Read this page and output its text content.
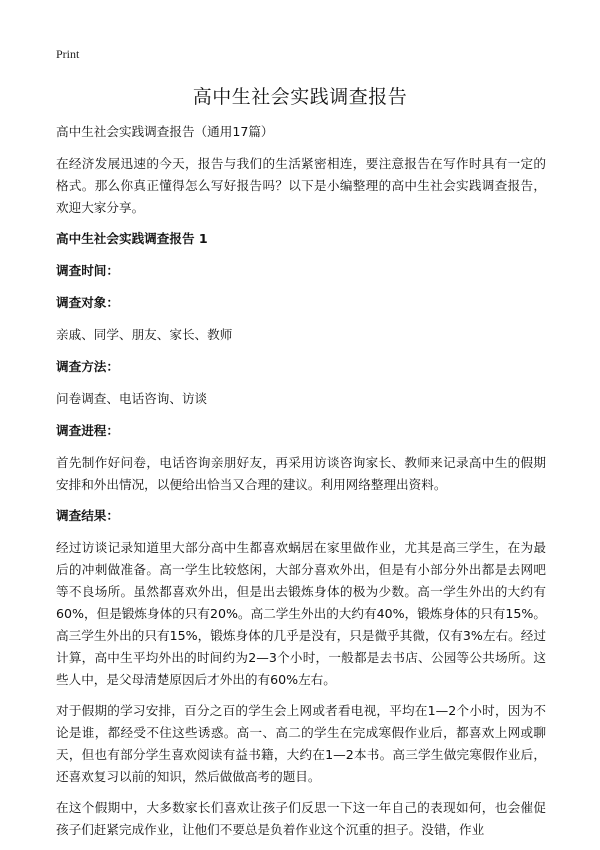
Print
高中生社会实践调查报告

高中生社会实践调查报告（通用17篇）

在经济发展迅速的今天，报告与我们的生活紧密相连，要注意报告在写作时具有一定的格式。那么你真正懂得怎么写好报告吗？以下是小编整理的高中生社会实践调查报告，欢迎大家分享。

高中生社会实践调查报告 1

调查时间：

调查对象：

亲戚、同学、朋友、家长、教师

调查方法：

问卷调查、电话咨询、访谈

调查进程：

首先制作好问卷，电话咨询亲朋好友，再采用访谈咨询家长、教师来记录高中生的假期安排和外出情况，以便给出恰当又合理的建议。利用网络整理出资料。

调查结果：

经过访谈记录知道里大部分高中生都喜欢蜗居在家里做作业，尤其是高三学生，在为最后的冲刺做准备。高一学生比较悠闲，大部分喜欢外出，但是有小部分外出都是去网吧等不良场所。虽然都喜欢外出，但是出去锻炼身体的极为少数。高一学生外出的大约有60%，但是锻炼身体的只有20%。高二学生外出的大约有40%，锻炼身体的只有15%。高三学生外出的只有15%，锻炼身体的几乎是没有，只是微乎其微，仅有3%左右。经过计算，高中生平均外出的时间约为2—3个小时，一般都是去书店、公园等公共场所。这些人中，是父母清楚原因后才外出的有60%左右。

对于假期的学习安排，百分之百的学生会上网或者看电视，平均在1—2个小时，因为不论是谁，都经受不住这些诱惑。高一、高二的学生在完成寒假作业后，都喜欢上网或聊天，但也有部分学生喜欢阅读有益书籍，大约在1—2本书。高三学生做完寒假作业后，还喜欢复习以前的知识，然后做做高考的题目。

在这个假期中，大多数家长们喜欢让孩子们反思一下这一年自己的表现如何，也会催促孩子们赶紧完成作业，让他们不要总是负着作业这个沉重的担子。没错，作业
